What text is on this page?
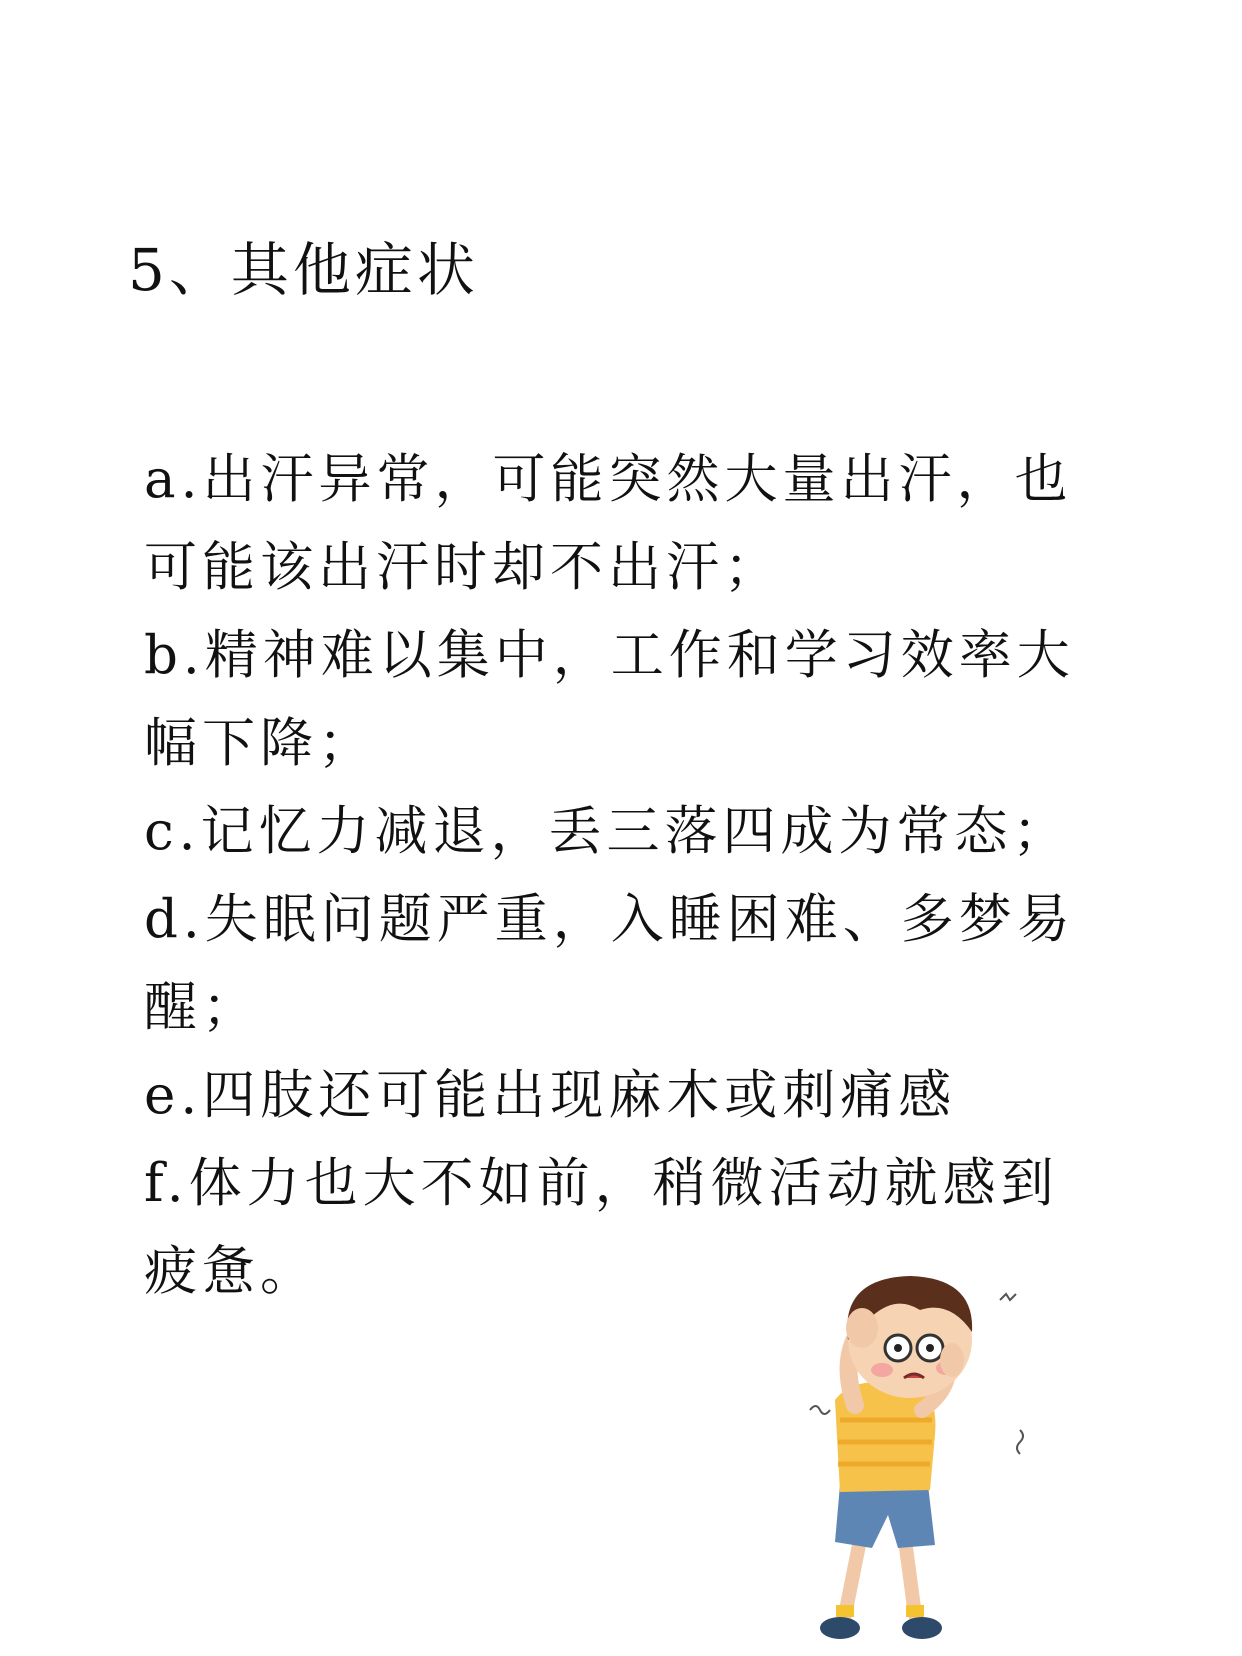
5、其他症状

a.出汗异常，可能突然大量出汗，也可能该出汗时却不出汗；

b.精神难以集中，工作和学习效率大幅下降；

c.记忆力减退，丢三落四成为常态；

d.失眠问题严重，入睡困难、多梦易醒；

e.四肢还可能出现麻木或刺痛感

f.体力也大不如前，稍微活动就感到疲惫。
